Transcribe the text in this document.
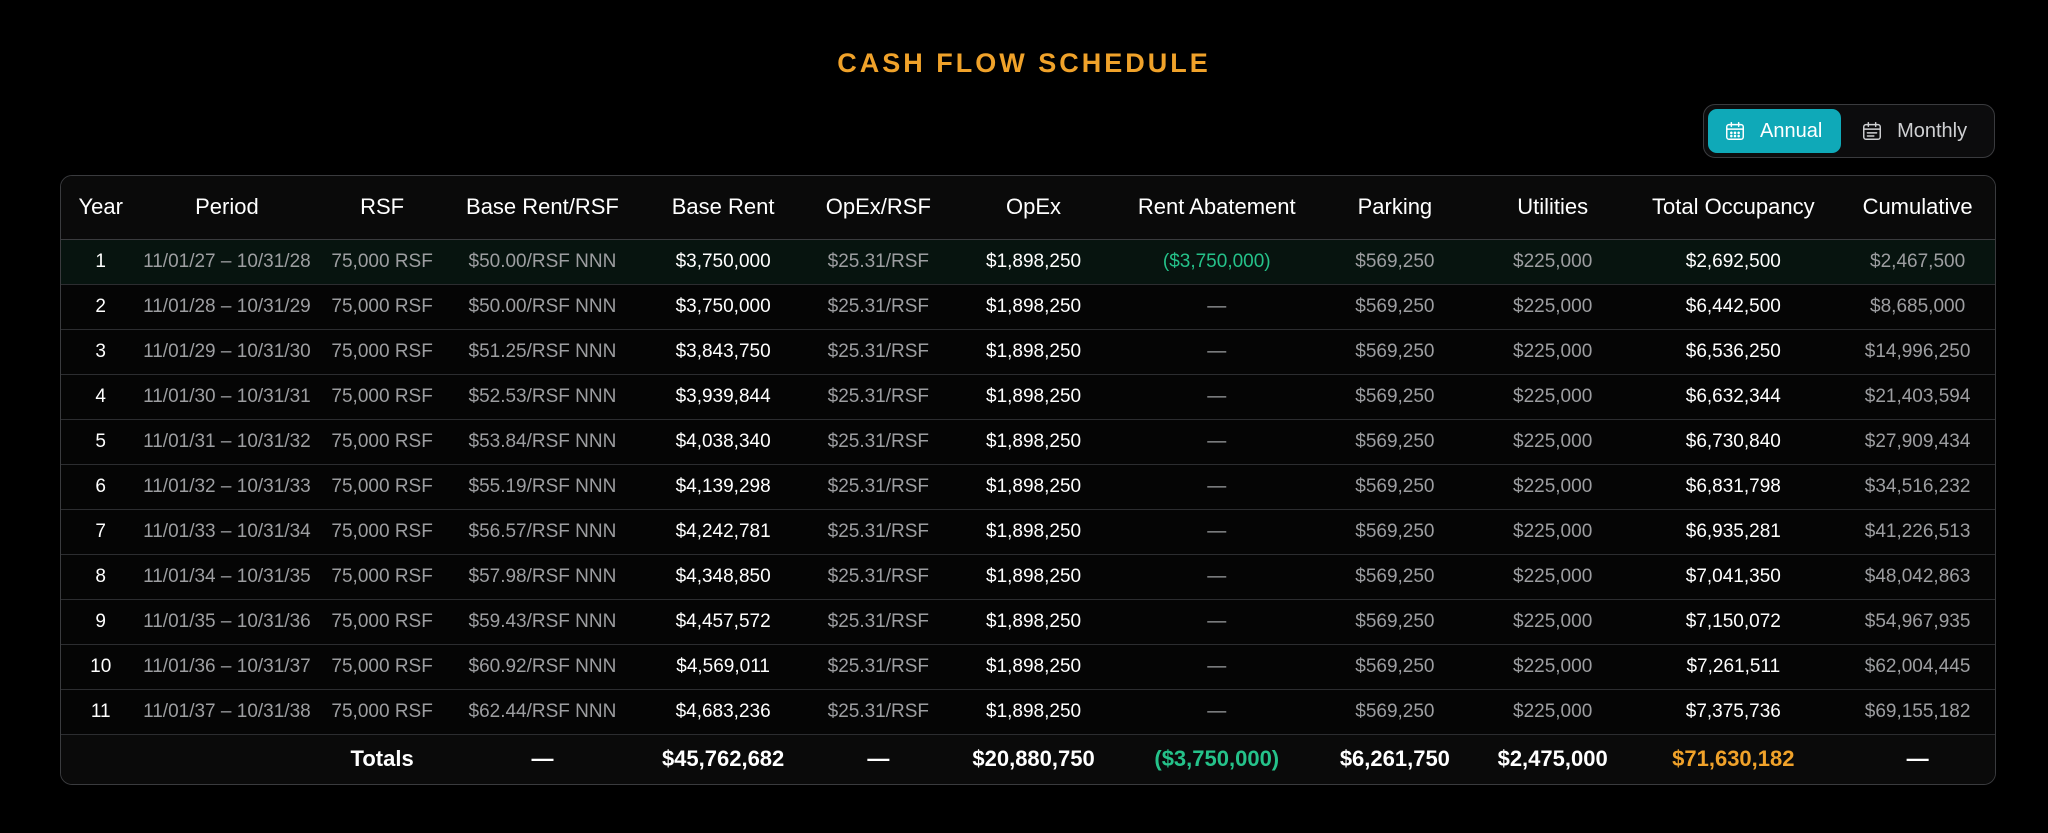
CASH FLOW SCHEDULE
Annual	Monthly
Year	Period	RSF	Base Rent/RSF	Base Rent	OpEx/RSF	OpEx	Rent Abatement	Parking	Utilities	Total Occupancy	Cumulative
1	11/01/27 – 10/31/28	75,000 RSF	$50.00/RSF NNN	$3,750,000	$25.31/RSF	$1,898,250	($3,750,000)	$569,250	$225,000	$2,692,500	$2,467,500
2	11/01/28 – 10/31/29	75,000 RSF	$50.00/RSF NNN	$3,750,000	$25.31/RSF	$1,898,250	—	$569,250	$225,000	$6,442,500	$8,685,000
3	11/01/29 – 10/31/30	75,000 RSF	$51.25/RSF NNN	$3,843,750	$25.31/RSF	$1,898,250	—	$569,250	$225,000	$6,536,250	$14,996,250
4	11/01/30 – 10/31/31	75,000 RSF	$52.53/RSF NNN	$3,939,844	$25.31/RSF	$1,898,250	—	$569,250	$225,000	$6,632,344	$21,403,594
5	11/01/31 – 10/31/32	75,000 RSF	$53.84/RSF NNN	$4,038,340	$25.31/RSF	$1,898,250	—	$569,250	$225,000	$6,730,840	$27,909,434
6	11/01/32 – 10/31/33	75,000 RSF	$55.19/RSF NNN	$4,139,298	$25.31/RSF	$1,898,250	—	$569,250	$225,000	$6,831,798	$34,516,232
7	11/01/33 – 10/31/34	75,000 RSF	$56.57/RSF NNN	$4,242,781	$25.31/RSF	$1,898,250	—	$569,250	$225,000	$6,935,281	$41,226,513
8	11/01/34 – 10/31/35	75,000 RSF	$57.98/RSF NNN	$4,348,850	$25.31/RSF	$1,898,250	—	$569,250	$225,000	$7,041,350	$48,042,863
9	11/01/35 – 10/31/36	75,000 RSF	$59.43/RSF NNN	$4,457,572	$25.31/RSF	$1,898,250	—	$569,250	$225,000	$7,150,072	$54,967,935
10	11/01/36 – 10/31/37	75,000 RSF	$60.92/RSF NNN	$4,569,011	$25.31/RSF	$1,898,250	—	$569,250	$225,000	$7,261,511	$62,004,445
11	11/01/37 – 10/31/38	75,000 RSF	$62.44/RSF NNN	$4,683,236	$25.31/RSF	$1,898,250	—	$569,250	$225,000	$7,375,736	$69,155,182
		Totals	—	$45,762,682	—	$20,880,750	($3,750,000)	$6,261,750	$2,475,000	$71,630,182	—
